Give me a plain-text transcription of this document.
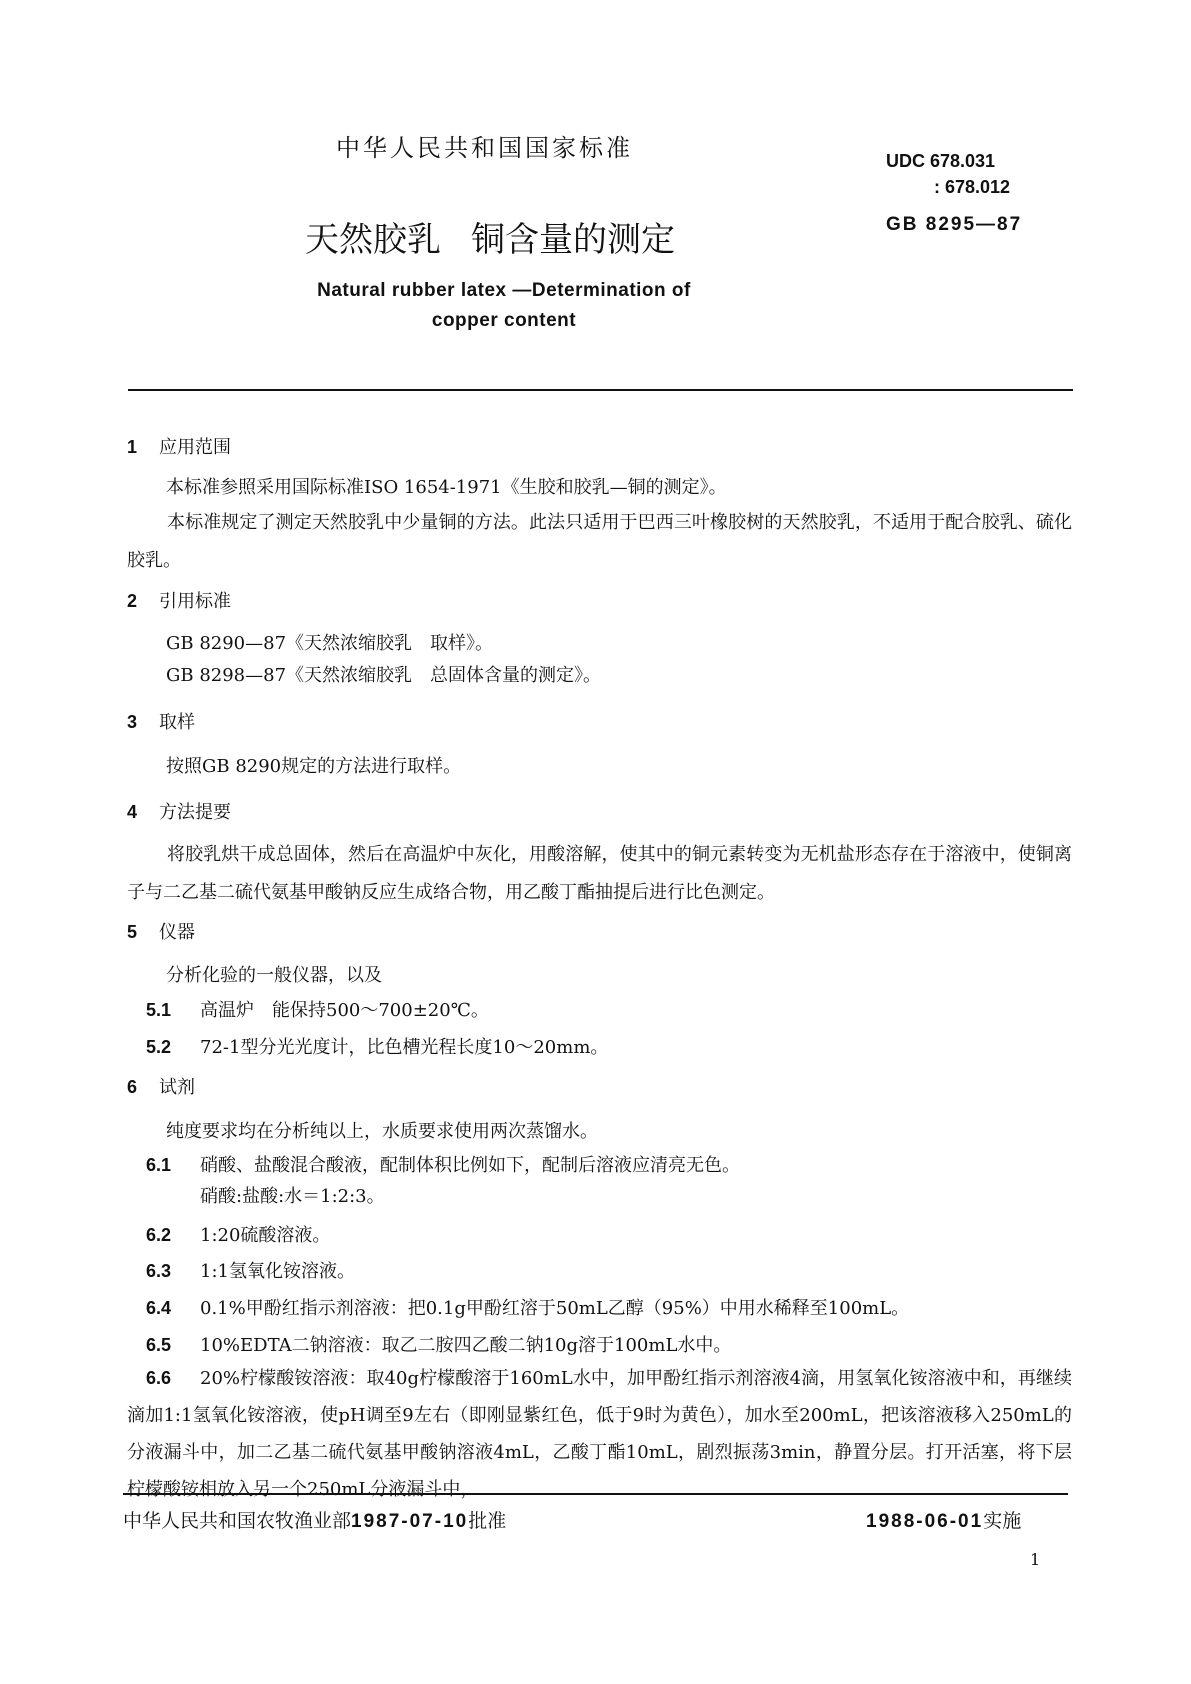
中华人民共和国国家标准	UDC 678.031
: 678.012
天然胶乳 铜含量的测定	GB 8295—87
Natural rubber latex —Determination of copper content
1 应用范围
本标准参照采用国际标准ISO 1654-1971《生胶和胶乳—铜的测定》。
本标准规定了测定天然胶乳中少量铜的方法。此法只适用于巴西三叶橡胶树的天然胶乳，不适用于配合胶乳、硫化胶乳。
2 引用标准
GB 8290—87《天然浓缩胶乳　取样》。
GB 8298—87《天然浓缩胶乳　总固体含量的测定》。
3 取样
按照GB 8290规定的方法进行取样。
4 方法提要
将胶乳烘干成总固体，然后在高温炉中灰化，用酸溶解，使其中的铜元素转变为无机盐形态存在于溶液中，使铜离子与二乙基二硫代氨基甲酸钠反应生成络合物，用乙酸丁酯抽提后进行比色测定。
5 仪器
分析化验的一般仪器，以及
5.1 高温炉　能保持500～700±20℃。
5.2 72-1型分光光度计，比色槽光程长度10～20mm。
6 试剂
纯度要求均在分析纯以上，水质要求使用两次蒸馏水。
6.1 硝酸、盐酸混合酸液，配制体积比例如下，配制后溶液应清亮无色。
硝酸:盐酸:水＝1:2:3。
6.2 1:20硫酸溶液。
6.3 1:1氢氧化铵溶液。
6.4 0.1%甲酚红指示剂溶液：把0.1g甲酚红溶于50mL乙醇（95%）中用水稀释至100mL。
6.5 10%EDTA二钠溶液：取乙二胺四乙酸二钠10g溶于100mL水中。
6.6 20%柠檬酸铵溶液：取40g柠檬酸溶于160mL水中，加甲酚红指示剂溶液4滴，用氢氧化铵溶液中和，再继续滴加1:1氢氧化铵溶液，使pH调至9左右（即刚显紫红色，低于9时为黄色），加水至200mL，把该溶液移入250mL的分液漏斗中，加二乙基二硫代氨基甲酸钠溶液4mL，乙酸丁酯10mL，剧烈振荡3min，静置分层。打开活塞，将下层柠檬酸铵相放入另一个250mL分液漏斗中，
中华人民共和国农牧渔业部1987-07-10批准	1988-06-01实施
1
